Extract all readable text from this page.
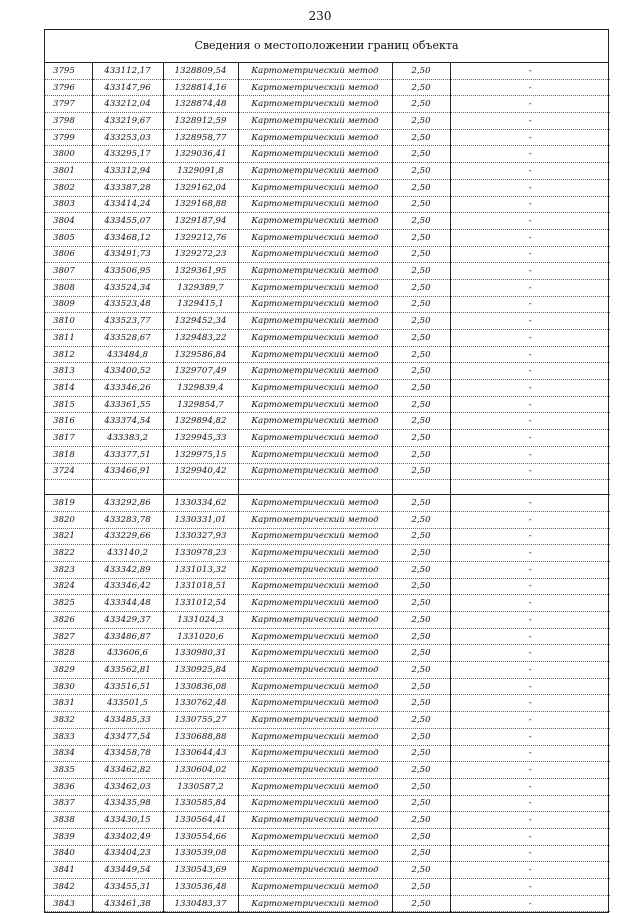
230
Сведения о местоположении границ объекта
3795	433112,17	1328809,54	Картометрический метод	2,50	-
3796	433147,96	1328814,16	Картометрический метод	2,50	-
3797	433212,04	1328874,48	Картометрический метод	2,50	-
3798	433219,67	1328912,59	Картометрический метод	2,50	-
3799	433253,03	1328958,77	Картометрический метод	2,50	-
3800	433295,17	1329036,41	Картометрический метод	2,50	-
3801	433312,94	1329091,8	Картометрический метод	2,50	-
3802	433387,28	1329162,04	Картометрический метод	2,50	-
3803	433414,24	1329168,88	Картометрический метод	2,50	-
3804	433455,07	1329187,94	Картометрический метод	2,50	-
3805	433468,12	1329212,76	Картометрический метод	2,50	-
3806	433491,73	1329272,23	Картометрический метод	2,50	-
3807	433506,95	1329361,95	Картометрический метод	2,50	-
3808	433524,34	1329389,7	Картометрический метод	2,50	-
3809	433523,48	1329415,1	Картометрический метод	2,50	-
3810	433523,77	1329452,34	Картометрический метод	2,50	-
3811	433528,67	1329483,22	Картометрический метод	2,50	-
3812	433484,8	1329586,84	Картометрический метод	2,50	-
3813	433400,52	1329707,49	Картометрический метод	2,50	-
3814	433346,26	1329839,4	Картометрический метод	2,50	-
3815	433361,55	1329854,7	Картометрический метод	2,50	-
3816	433374,54	1329894,82	Картометрический метод	2,50	-
3817	433383,2	1329945,33	Картометрический метод	2,50	-
3818	433377,51	1329975,15	Картометрический метод	2,50	-
3724	433466,91	1329940,42	Картометрический метод	2,50	-

3819	433292,86	1330334,62	Картометрический метод	2,50	-
3820	433283,78	1330331,01	Картометрический метод	2,50	-
3821	433229,66	1330327,93	Картометрический метод	2,50	-
3822	433140,2	1330978,23	Картометрический метод	2,50	-
3823	433342,89	1331013,32	Картометрический метод	2,50	-
3824	433346,42	1331018,51	Картометрический метод	2,50	-
3825	433344,48	1331012,54	Картометрический метод	2,50	-
3826	433429,37	1331024,3	Картометрический метод	2,50	-
3827	433486,87	1331020,6	Картометрический метод	2,50	-
3828	433606,6	1330980,31	Картометрический метод	2,50	-
3829	433562,81	1330925,84	Картометрический метод	2,50	-
3830	433516,51	1330836,08	Картометрический метод	2,50	-
3831	433501,5	1330762,48	Картометрический метод	2,50	-
3832	433485,33	1330755,27	Картометрический метод	2,50	-
3833	433477,54	1330688,88	Картометрический метод	2,50	-
3834	433458,78	1330644,43	Картометрический метод	2,50	-
3835	433462,82	1330604,02	Картометрический метод	2,50	-
3836	433462,03	1330587,2	Картометрический метод	2,50	-
3837	433435,98	1330585,84	Картометрический метод	2,50	-
3838	433430,15	1330564,41	Картометрический метод	2,50	-
3839	433402,49	1330554,66	Картометрический метод	2,50	-
3840	433404,23	1330539,08	Картометрический метод	2,50	-
3841	433449,54	1330543,69	Картометрический метод	2,50	-
3842	433455,31	1330536,48	Картометрический метод	2,50	-
3843	433461,38	1330483,37	Картометрический метод	2,50	-
